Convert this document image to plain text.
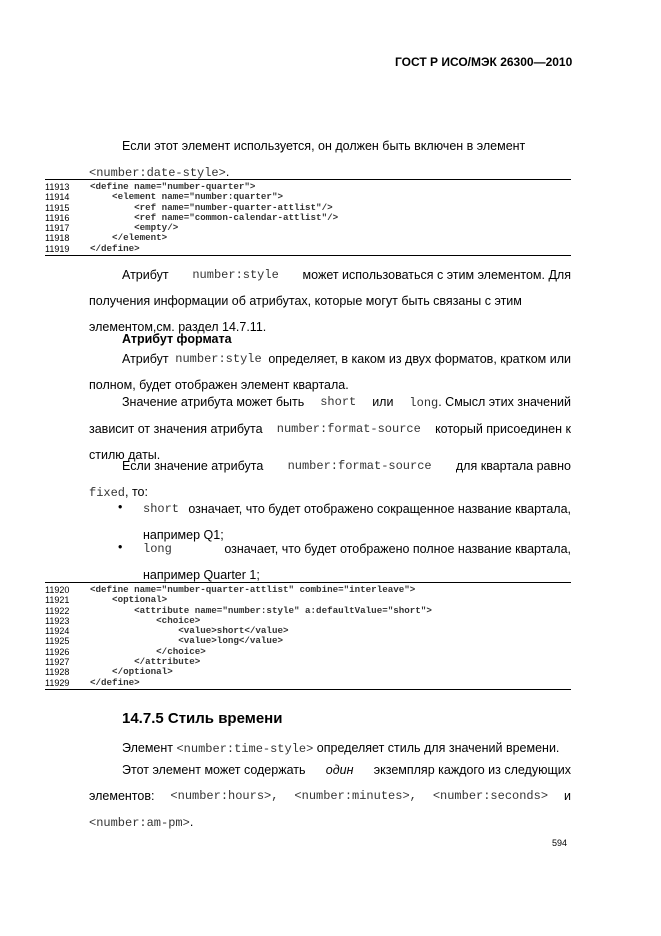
ГОСТ Р ИСО/МЭК 26300—2010
Если этот элемент используется, он должен быть включен в элемент
<number:date-style>.
11913	<define name="number-quarter">
11914	<element name="number:quarter">
11915	<ref name="number-quarter-attlist"/>
11916	<ref name="common-calendar-attlist"/>
11917	<empty/>
11918	</element>
11919	</define>
Атрибут number:style может использоваться с этим элементом. Для
получения информации об атрибутах, которые могут быть связаны с этим
элементом,см. раздел 14.7.11.
Атрибут формата
Атрибут number:style определяет, в каком из двух форматов, кратком или
полном, будет отображен элемент квартала.
Значение атрибута может быть short или long. Смысл этих значений
зависит от значения атрибута number:format-source который присоединен к
стилю даты.
Если значение атрибута number:format-source для квартала равно
fixed, то:
• short означает, что будет отображено сокращенное название квартала,
например Q1;
• long	означает, что будет отображено полное название квартала,
например Quarter 1;
11920	<define name="number-quarter-attlist" combine="interleave">
11921	<optional>
11922	<attribute name="number:style" a:defaultValue="short">
11923	<choice>
11924	<value>short</value>
11925	<value>long</value>
11926	</choice>
11927	</attribute>
11928	</optional>
11929	</define>
14.7.5 Стиль времени
Элемент <number:time-style> определяет стиль для значений времени.
Этот элемент может содержать один экземпляр каждого из следующих
элементов: <number:hours>, <number:minutes>, <number:seconds> и
<number:am-pm>.
594
